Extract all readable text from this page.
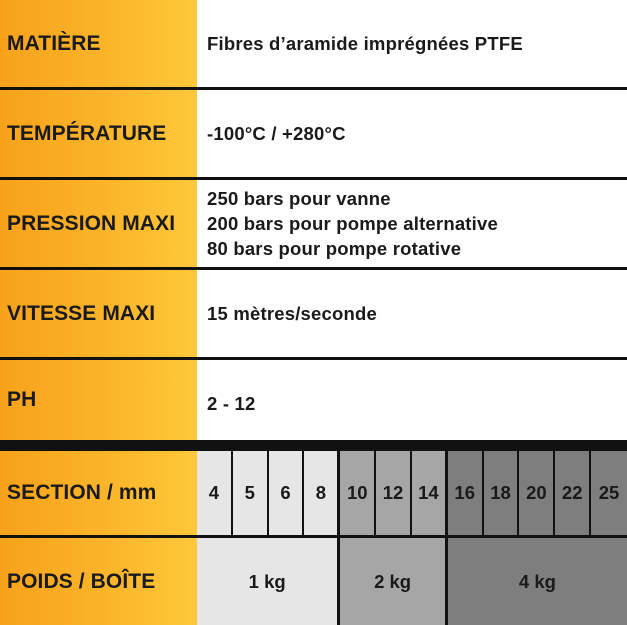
MATIÈRE	Fibres d’aramide imprégnées PTFE
TEMPÉRATURE	-100°C / +280°C
PRESSION MAXI
250 bars pour vanne
200 bars pour pompe alternative
80 bars pour pompe rotative
VITESSE MAXI	15 mètres/seconde
PH	2 - 12
SECTION / mm	4	5	6	8	10 12 14 16 18 20 22 25
POIDS / BOÎTE	1 kg	2 kg	4 kg
